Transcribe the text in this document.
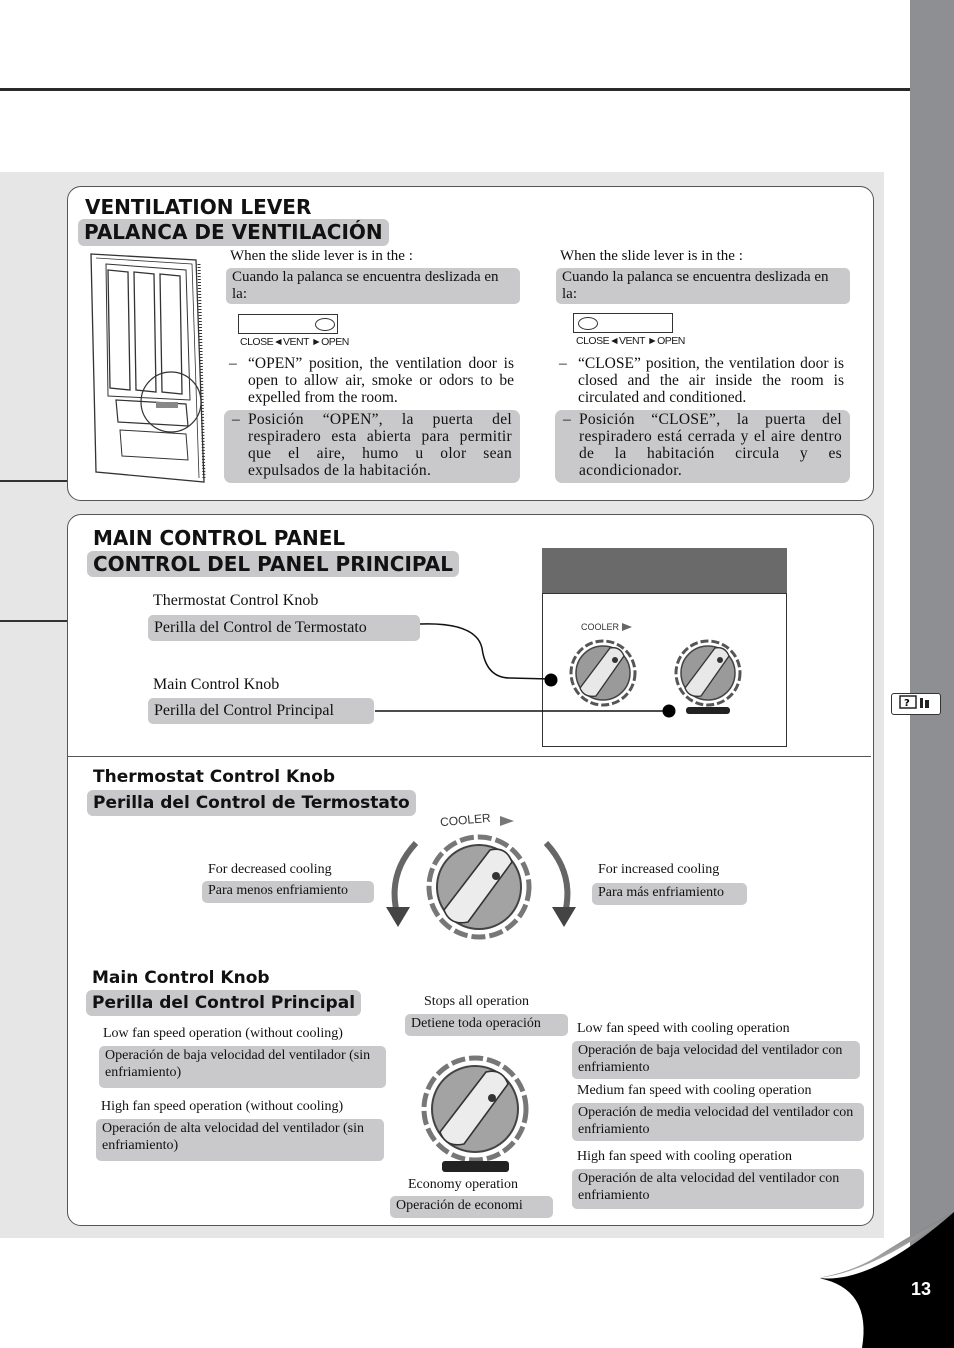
?
VENTILATION LEVER
PALANCA DE VENTILACIÓN
When the slide lever is in the :
Cuando la palanca se encuentra deslizada en la:
CLOSE◄VENT ►OPEN
– “OPEN” position, the ventilation door is open to allow air, smoke or odors to be expelled from the room.
– Posición “OPEN”, la puerta del respiradero esta abierta para permitir que el aire, humo u olor sean expulsados de la habitación.
When the slide lever is in the :
Cuando la palanca se encuentra deslizada en la:
CLOSE◄VENT ►OPEN
– “CLOSE” position, the ventilation door is closed and the air inside the room is circulated and conditioned.
– Posición “CLOSE”, la puerta del respiradero está cerrada y el aire dentro de la habitación circula y es acondicionador.
MAIN CONTROL PANEL
CONTROL DEL PANEL PRINCIPAL
Thermostat Control Knob
Perilla del Control de Termostato
Main Control Knob
Perilla del Control Principal
COOLER
Thermostat Control Knob
Perilla del Control de Termostato
COOLER
For decreased cooling
Para menos enfriamiento
For increased cooling
Para más enfriamiento
Main Control Knob
Perilla del Control Principal
Low fan speed operation (without cooling)
Operación de baja velocidad del ventilador (sin enfriamiento)
High fan speed operation (without cooling)
Operación de alta velocidad del ventilador (sin enfriamiento)
Stops all operation
Detiene toda operación
Economy operation
Operación de economi
Low fan speed with cooling operation
Operación de baja velocidad del ventilador con enfriamiento
Medium fan speed with cooling operation
Operación de media velocidad del ventilador con enfriamiento
High fan speed with cooling operation
Operación de alta velocidad del ventilador con enfriamiento
13
